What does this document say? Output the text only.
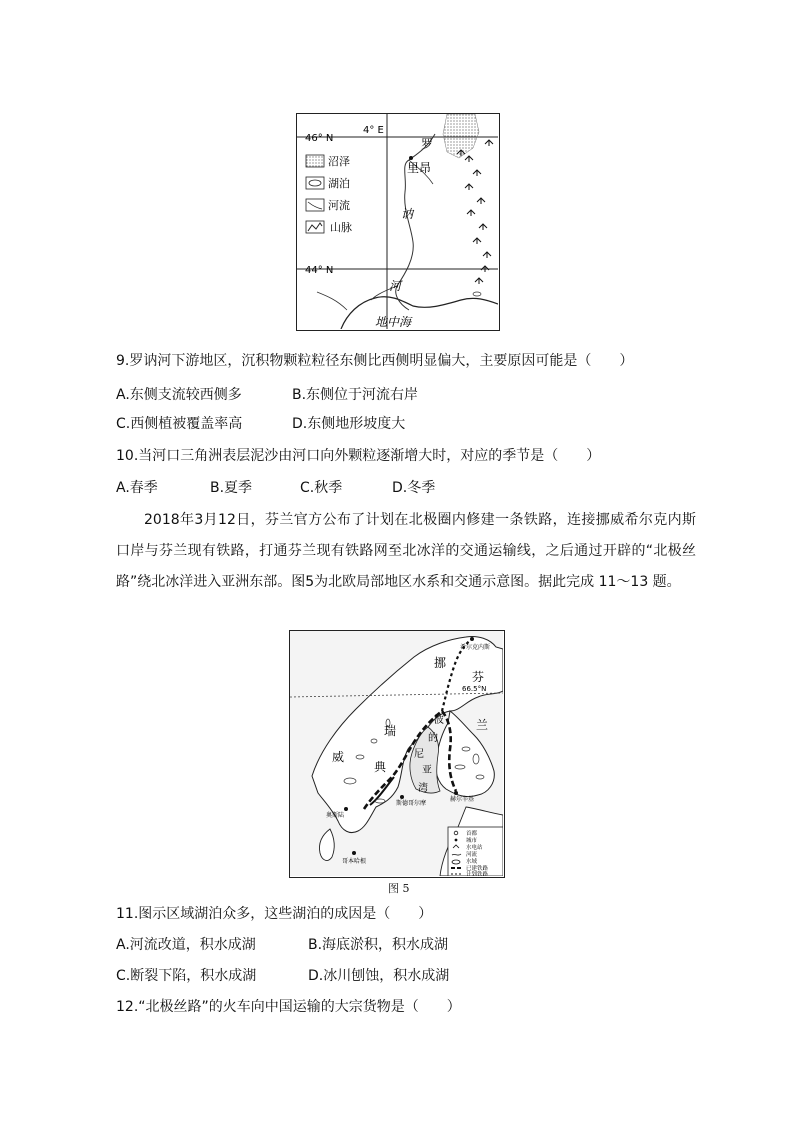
46° N
44° N
4° E
里昂
罗
讷
河
地中海
沼泽
湖泊
河流
山脉
9.罗讷河下游地区，沉积物颗粒粒径东侧比西侧明显偏大，主要原因可能是（　　）
A.东侧支流较西侧多	B.东侧位于河流右岸
C.西侧植被覆盖率高	D.东侧地形坡度大
10.当河口三角洲表层泥沙由河口向外颗粒逐渐增大时，对应的季节是（　　）
A.春季	B.夏季	C.秋季	D.冬季
2018年3月12日，芬兰官方公布了计划在北极圈内修建一条铁路，连接挪威希尔克内斯口岸与芬兰现有铁路，打通芬兰现有铁路网至北冰洋的交通运输线，之后通过开辟的“北极丝路”绕北冰洋进入亚洲东部。图5为北欧局部地区水系和交通示意图。据此完成 11～13 题。
66.5°N
希尔克内斯
奥斯陆
斯德哥尔摩
赫尔辛基
哥本哈根
挪
芬
兰
瑞
典
威
波
的
尼
亚
湾
首都
城市
水电站
河流
水域
已建铁路
计划铁路
图 5
11.图示区域湖泊众多，这些湖泊的成因是（　　）
A.河流改道，积水成湖	B.海底淤积，积水成湖
C.断裂下陷，积水成湖	D.冰川刨蚀，积水成湖
12.“北极丝路”的火车向中国运输的大宗货物是（　　）
